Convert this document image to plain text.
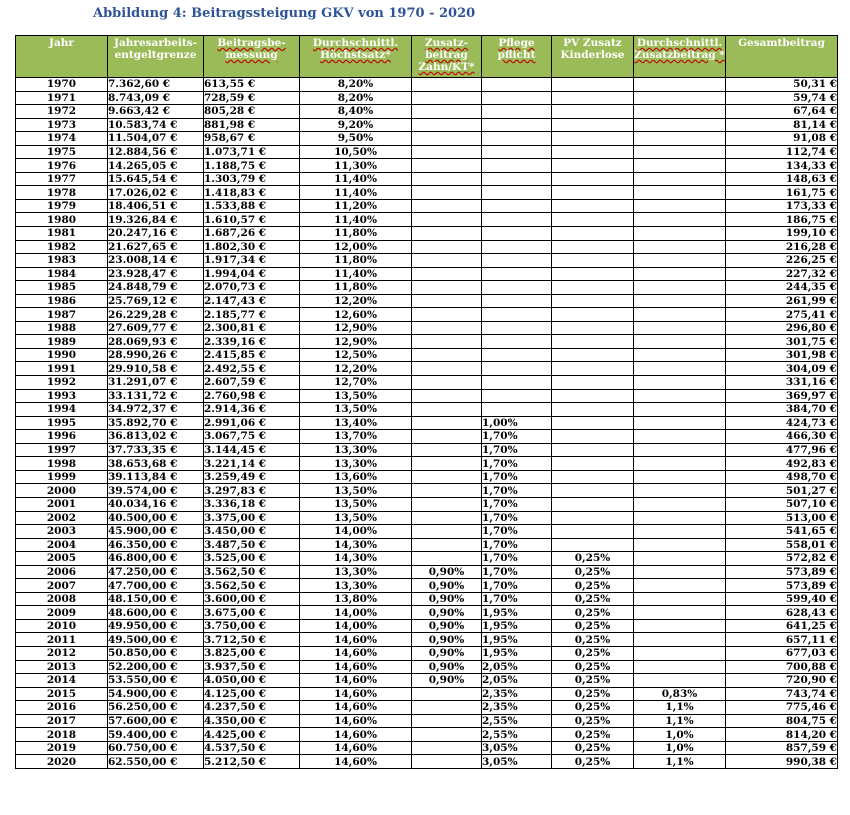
Abbildung 4: Beitragssteigung GKV von 1970 - 2020
Jahr	Jahresarbeits-entgeltgrenze	Beitragsbe-messung	Durchschnittl. Höchstsatz*	Zusatz-beitrag Zahn/KT*	Pflege pflicht	PV Zusatz Kinderlose	Durchschnittl. Zusatzbeitrag *	Gesamtbeitrag
1970	7.362,60 €	613,55 €	8,20%					50,31 €
1971	8.743,09 €	728,59 €	8,20%					59,74 €
1972	9.663,42 €	805,28 €	8,40%					67,64 €
1973	10.583,74 €	881,98 €	9,20%					81,14 €
1974	11.504,07 €	958,67 €	9,50%					91,08 €
1975	12.884,56 €	1.073,71 €	10,50%					112,74 €
1976	14.265,05 €	1.188,75 €	11,30%					134,33 €
1977	15.645,54 €	1.303,79 €	11,40%					148,63 €
1978	17.026,02 €	1.418,83 €	11,40%					161,75 €
1979	18.406,51 €	1.533,88 €	11,20%					173,33 €
1980	19.326,84 €	1.610,57 €	11,40%					186,75 €
1981	20.247,16 €	1.687,26 €	11,80%					199,10 €
1982	21.627,65 €	1.802,30 €	12,00%					216,28 €
1983	23.008,14 €	1.917,34 €	11,80%					226,25 €
1984	23.928,47 €	1.994,04 €	11,40%					227,32 €
1985	24.848,79 €	2.070,73 €	11,80%					244,35 €
1986	25.769,12 €	2.147,43 €	12,20%					261,99 €
1987	26.229,28 €	2.185,77 €	12,60%					275,41 €
1988	27.609,77 €	2.300,81 €	12,90%					296,80 €
1989	28.069,93 €	2.339,16 €	12,90%					301,75 €
1990	28.990,26 €	2.415,85 €	12,50%					301,98 €
1991	29.910,58 €	2.492,55 €	12,20%					304,09 €
1992	31.291,07 €	2.607,59 €	12,70%					331,16 €
1993	33.131,72 €	2.760,98 €	13,50%					369,97 €
1994	34.972,37 €	2.914,36 €	13,50%					384,70 €
1995	35.892,70 €	2.991,06 €	13,40%		1,00%			424,73 €
1996	36.813,02 €	3.067,75 €	13,70%		1,70%			466,30 €
1997	37.733,35 €	3.144,45 €	13,30%		1,70%			477,96 €
1998	38.653,68 €	3.221,14 €	13,30%		1,70%			492,83 €
1999	39.113,84 €	3.259,49 €	13,60%		1,70%			498,70 €
2000	39.574,00 €	3.297,83 €	13,50%		1,70%			501,27 €
2001	40.034,16 €	3.336,18 €	13,50%		1,70%			507,10 €
2002	40.500,00 €	3.375,00 €	13,50%		1,70%			513,00 €
2003	45.900,00 €	3.450,00 €	14,00%		1,70%			541,65 €
2004	46.350,00 €	3.487,50 €	14,30%		1,70%			558,01 €
2005	46.800,00 €	3.525,00 €	14,30%		1,70%	0,25%		572,82 €
2006	47.250,00 €	3.562,50 €	13,30%	0,90%	1,70%	0,25%		573,89 €
2007	47.700,00 €	3.562,50 €	13,30%	0,90%	1,70%	0,25%		573,89 €
2008	48.150,00 €	3.600,00 €	13,80%	0,90%	1,70%	0,25%		599,40 €
2009	48.600,00 €	3.675,00 €	14,00%	0,90%	1,95%	0,25%		628,43 €
2010	49.950,00 €	3.750,00 €	14,00%	0,90%	1,95%	0,25%		641,25 €
2011	49.500,00 €	3.712,50 €	14,60%	0,90%	1,95%	0,25%		657,11 €
2012	50.850,00 €	3.825,00 €	14,60%	0,90%	1,95%	0,25%		677,03 €
2013	52.200,00 €	3.937,50 €	14,60%	0,90%	2,05%	0,25%		700,88 €
2014	53.550,00 €	4.050,00 €	14,60%	0,90%	2,05%	0,25%		720,90 €
2015	54.900,00 €	4.125,00 €	14,60%		2,35%	0,25%	0,83%	743,74 €
2016	56.250,00 €	4.237,50 €	14,60%		2,35%	0,25%	1,1%	775,46 €
2017	57.600,00 €	4.350,00 €	14,60%		2,55%	0,25%	1,1%	804,75 €
2018	59.400,00 €	4.425,00 €	14,60%		2,55%	0,25%	1,0%	814,20 €
2019	60.750,00 €	4.537,50 €	14,60%		3,05%	0,25%	1,0%	857,59 €
2020	62.550,00 €	5.212,50 €	14,60%		3,05%	0,25%	1,1%	990,38 €
